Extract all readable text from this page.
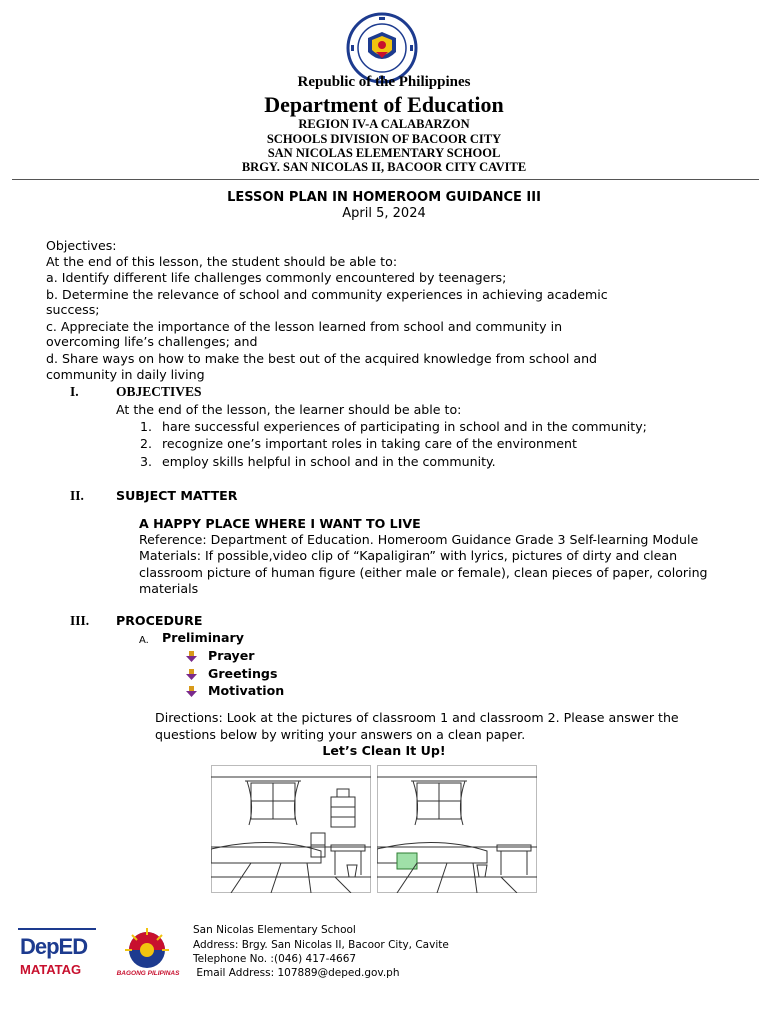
Republic of the Philippines
Department of Education
REGION IV-A CALABARZON
SCHOOLS DIVISION OF BACOOR CITY
SAN NICOLAS ELEMENTARY SCHOOL
BRGY. SAN NICOLAS II, BACOOR CITY CAVITE
LESSON PLAN IN HOMEROOM GUIDANCE III
April 5, 2024
Objectives:
At the end of this lesson, the student should be able to:
a. Identify different life challenges commonly encountered by teenagers;
b. Determine the relevance of school and community experiences in achieving academic
success;
c. Appreciate the importance of the lesson learned from school and community in
overcoming life’s challenges; and
d. Share ways on how to make the best out of the acquired knowledge from school and
community in daily living
I.	OBJECTIVES
At the end of the lesson, the learner should be able to:
1. hare successful experiences of participating in school and in the community;
2. recognize one’s important roles in taking care of the environment
3. employ skills helpful in school and in the community.
II.	SUBJECT MATTER
A HAPPY PLACE WHERE I WANT TO LIVE
Reference: Department of Education. Homeroom Guidance Grade 3 Self-learning Module
Materials: If possible,video clip of “Kapaligiran” with lyrics, pictures of dirty and clean
classroom picture of human figure (either male or female), clean pieces of paper, coloring
materials
III. PROCEDURE
A. Preliminary
Prayer
Greetings
Motivation
Directions: Look at the pictures of classroom 1 and classroom 2. Please answer the
questions below by writing your answers on a clean paper.
Let’s Clean It Up!
DepED
MATATAG	BAGONG PILIPINAS
San Nicolas Elementary School
Address: Brgy. San Nicolas II, Bacoor City, Cavite
Telephone No. :(046) 417-4667
Email Address: 107889@deped.gov.ph
